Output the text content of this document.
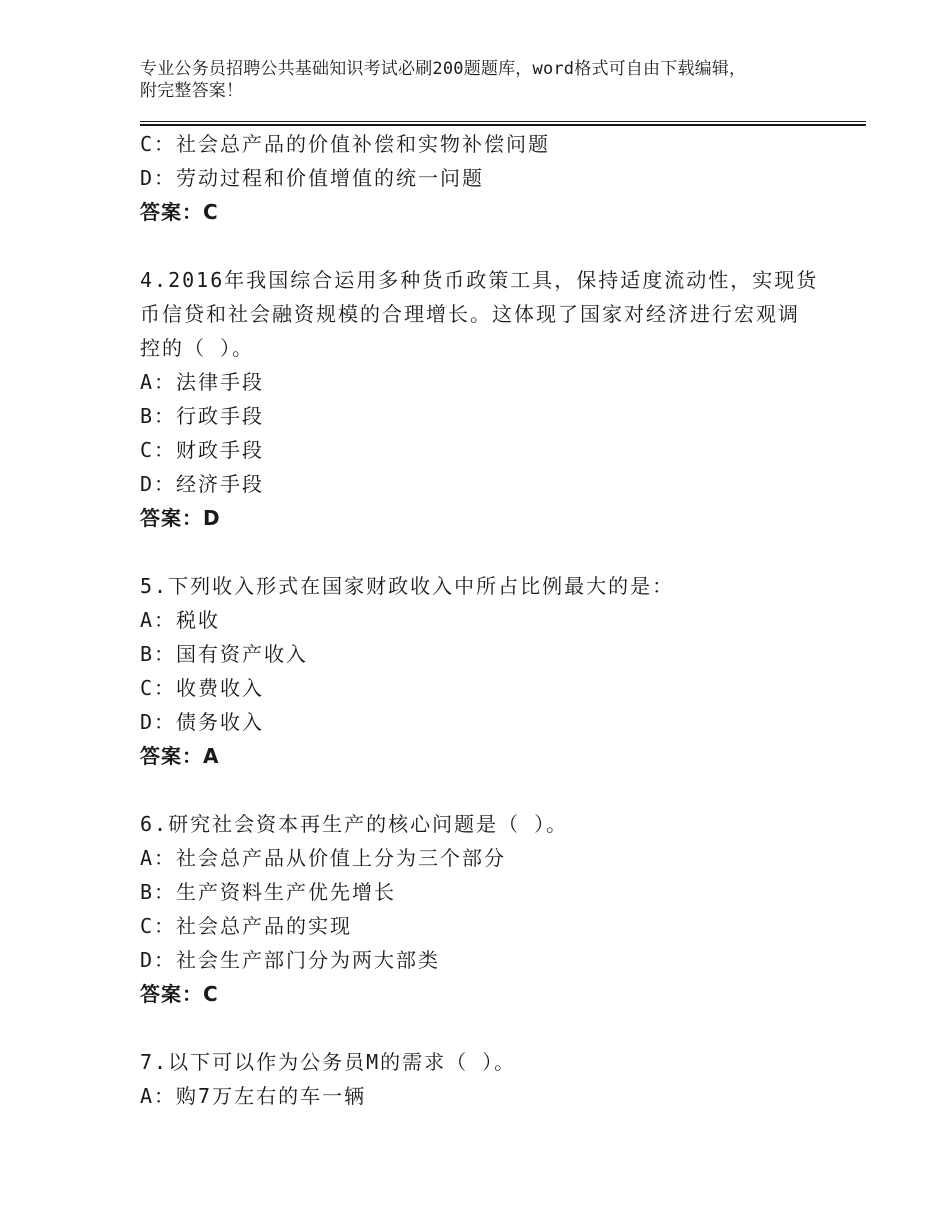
专业公务员招聘公共基础知识考试必刷200题题库，word格式可自由下载编辑，
附完整答案！
C：社会总产品的价值补偿和实物补偿问题
D：劳动过程和价值增值的统一问题
答案：C
4.2016年我国综合运用多种货币政策工具，保持适度流动性，实现货
币信贷和社会融资规模的合理增长。这体现了国家对经济进行宏观调
控的（ ）。
A：法律手段
B：行政手段
C：财政手段
D：经济手段
答案：D
5.下列收入形式在国家财政收入中所占比例最大的是：
A：税收
B：国有资产收入
C：收费收入
D：债务收入
答案：A
6.研究社会资本再生产的核心问题是（ ）。
A：社会总产品从价值上分为三个部分
B：生产资料生产优先增长
C：社会总产品的实现
D：社会生产部门分为两大部类
答案：C
7.以下可以作为公务员M的需求（ ）。
A：购7万左右的车一辆
